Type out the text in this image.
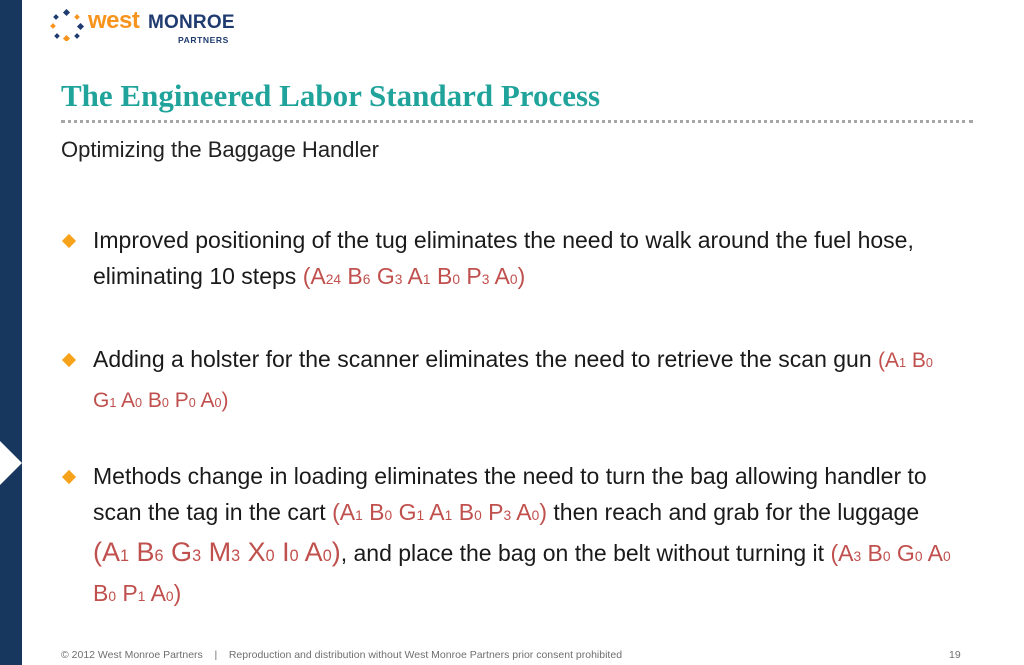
west MONROE
PARTNERS
The Engineered Labor Standard Process
Optimizing the Baggage Handler
Improved positioning of the tug eliminates the need to walk around the fuel hose, eliminating 10 steps (A24 B6 G3 A1 B0 P3 A0)
Adding a holster for the scanner eliminates the need to retrieve the scan gun (A1 B0 G1 A0 B0 P0 A0)
Methods change in loading eliminates the need to turn the bag allowing handler to scan the tag in the cart (A1 B0 G1 A1 B0 P3 A0) then reach and grab for the luggage (A1 B6 G3 M3 X0 I0 A0), and place the bag on the belt without turning it (A3 B0 G0 A0 B0 P1 A0)
© 2012 West Monroe Partners    |    Reproduction and distribution without West Monroe Partners prior consent prohibited	19
